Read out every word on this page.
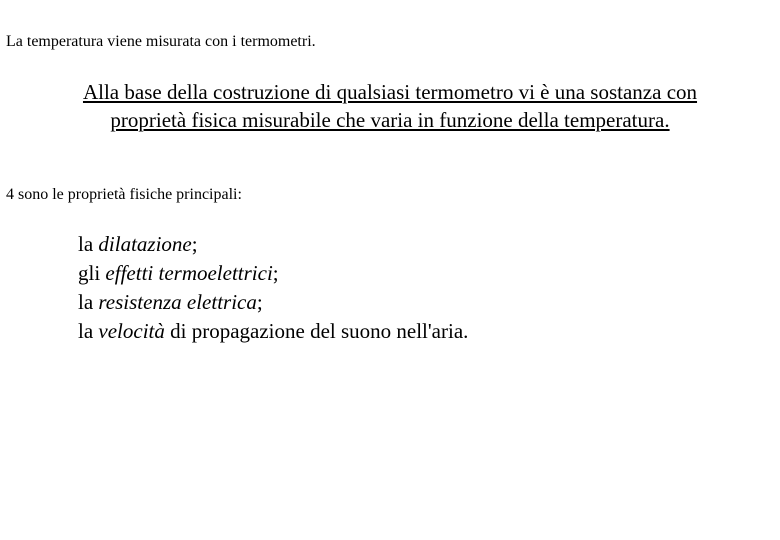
La temperatura viene misurata con i termometri.
Alla base della costruzione di qualsiasi termometro vi è una sostanza con
proprietà fisica misurabile che varia in funzione della temperatura.
4 sono le proprietà fisiche principali:
la dilatazione;
gli effetti termoelettrici;
la resistenza elettrica;
la velocità di propagazione del suono nell'aria.
